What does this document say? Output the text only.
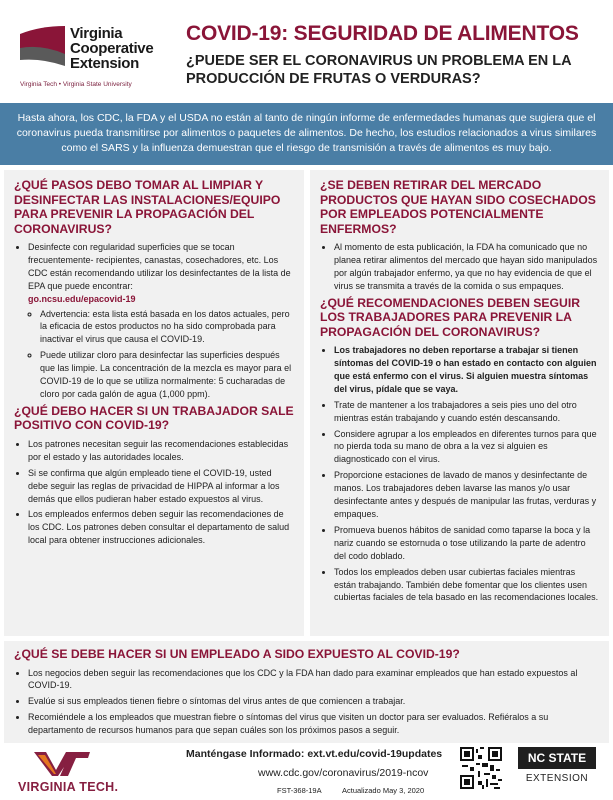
Virginia
Cooperative
Extension
Virginia Tech • Virginia State University
COVID-19: SEGURIDAD DE ALIMENTOS
¿PUEDE SER EL CORONAVIRUS UN PROBLEMA EN LA PRODUCCIÓN DE FRUTAS O VERDURAS?
Hasta ahora, los CDC, la FDA y el USDA no están al tanto de ningún informe de enfermedades humanas que sugiera que el coronavirus pueda transmitirse por alimentos o paquetes de alimentos. De hecho, los estudios relacionados a virus similares como el SARS y la influenza demuestran que el riesgo de transmisión a través de alimentos es muy bajo.
¿QUÉ PASOS DEBO TOMAR AL LIMPIAR Y DESINFECTAR LAS INSTALACIONES/EQUIPO PARA PREVENIR LA PROPAGACIÓN DEL CORONAVIRUS?
• Desinfecte con regularidad superficies que se tocan frecuentemente- recipientes, canastas, cosechadores, etc. Los CDC están recomendando utilizar los desinfectantes de la lista de EPA que puede encontrar:
go.ncsu.edu/epacovid-19
◦ Advertencia: esta lista está basada en los datos actuales, pero la eficacia de estos productos no ha sido comprobada para inactivar el virus que causa el COVID-19.
◦ Puede utilizar cloro para desinfectar las superficies después que las limpie. La concentración de la mezcla es mayor para el COVID-19 de lo que se utiliza normalmente: 5 cucharadas de cloro por cada galón de agua (1,000 ppm).
¿QUÉ DEBO HACER SI UN TRABAJADOR SALE POSITIVO CON COVID-19?
• Los patrones necesitan seguir las recomendaciones establecidas por el estado y las autoridades locales.
• Si se confirma que algún empleado tiene el COVID-19, usted debe seguir las reglas de privacidad de HIPPA al informar a los demás que ellos pudieran haber estado expuestos al virus.
• Los empleados enfermos deben seguir las recomendaciones de los CDC. Los patrones deben consultar el departamento de salud local para obtener instrucciones adicionales.
¿SE DEBEN RETIRAR DEL MERCADO PRODUCTOS QUE HAYAN SIDO COSECHADOS POR EMPLEADOS POTENCIALMENTE ENFERMOS?
• Al momento de esta publicación, la FDA ha comunicado que no planea retirar alimentos del mercado que hayan sido manipulados por algún trabajador enfermo, ya que no hay evidencia de que el virus se transmita a través de la comida o sus empaques.
¿QUÉ RECOMENDACIONES DEBEN SEGUIR LOS TRABAJADORES PARA PREVENIR LA PROPAGACIÓN DEL CORONAVIRUS?
• Los trabajadores no deben reportarse a trabajar si tienen síntomas del COVID-19 o han estado en contacto con alguien que está enfermo con el virus. Si alguien muestra síntomas del virus, pídale que se vaya.
• Trate de mantener a los trabajadores a seis pies uno del otro mientras están trabajando y cuando estén descansando.
• Considere agrupar a los empleados en diferentes turnos para que no pierda toda su mano de obra a la vez si alguien es diagnosticado con el virus.
• Proporcione estaciones de lavado de manos y desinfectante de manos. Los trabajadores deben lavarse las manos y/o usar desinfectante antes y después de manipular las frutas, verduras y empaques.
• Promueva buenos hábitos de sanidad como taparse la boca y la nariz cuando se estornuda o tose utilizando la parte de adentro del codo doblado.
• Todos los empleados deben usar cubiertas faciales mientras están trabajando. También debe fomentar que los clientes usen cubiertas faciales de tela basado en las recomendaciones locales.
¿QUÉ SE DEBE HACER SI UN EMPLEADO A SIDO EXPUESTO AL COVID-19?
• Los negocios deben seguir las recomendaciones que los CDC y la FDA han dado para examinar empleados que han estado expuestos al COVID-19.
• Evalúe si sus empleados tienen fiebre o síntomas del virus antes de que comiencen a trabajar.
• Recomiéndele a los empleados que muestran fiebre o síntomas del virus que visiten un doctor para ser evaluados. Refiéralos a su departamento de recursos humanos para que sepan cuáles son los próximos pasos a seguir.
VIRGINIA TECH.
Manténgase Informado: ext.vt.edu/covid-19updates
www.cdc.gov/coronavirus/2019-ncov
FST-368-19A	Actualizado May 3, 2020
NC STATE
EXTENSION
